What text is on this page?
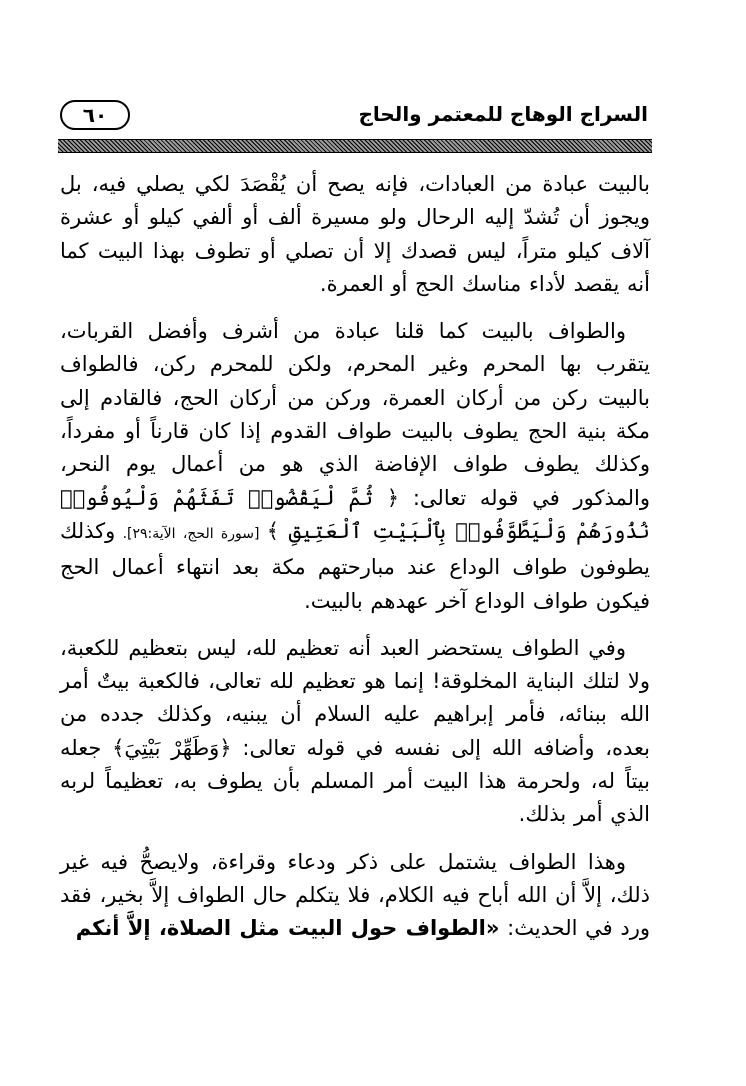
٦٠	السراج الوهاج للمعتمر والحاج

بالبيت عبادة من العبادات، فإنه يصح أن يُقْصَدَ لكي يصلي فيه، بل ويجوز أن تُشدّ إليه الرحال ولو مسيرة ألف أو ألفي كيلو أو عشرة آلاف كيلو متراً، ليس قصدك إلا أن تصلي أو تطوف بهذا البيت كما أنه يقصد لأداء مناسك الحج أو العمرة.

والطواف بالبيت كما قلنا عبادة من أشرف وأفضل القربات، يتقرب بها المحرم وغير المحرم، ولكن للمحرم ركن، فالطواف بالبيت ركن من أركان العمرة، وركن من أركان الحج، فالقادم إلى مكة بنية الحج يطوف بالبيت طواف القدوم إذا كان قارناً أو مفرداً، وكذلك يطوف طواف الإفاضة الذي هو من أعمال يوم النحر، والمذكور في قوله تعالى: ﴿ ثُمَّ لْيَقْضُوا۟ تَفَثَهُمْ وَلْيُوفُوا۟ نُذُورَهُمْ وَلْيَطَّوَّفُوا۟ بِٱلْبَيْتِ ٱلْعَتِيقِ ﴾ [سورة الحج، الآية:٢٩]. وكذلك يطوفون طواف الوداع عند مبارحتهم مكة بعد انتهاء أعمال الحج فيكون طواف الوداع آخر عهدهم بالبيت.

وفي الطواف يستحضر العبد أنه تعظيم لله، ليس بتعظيم للكعبة، ولا لتلك البناية المخلوقة! إنما هو تعظيم لله تعالى، فالكعبة بيتٌ أمر الله ببنائه، فأمر إبراهيم عليه السلام أن يبنيه، وكذلك جدده من بعده، وأضافه الله إلى نفسه في قوله تعالى: ﴿وَطَهِّرْ بَيْتِيَ﴾ جعله بيتاً له، ولحرمة هذا البيت أمر المسلم بأن يطوف به، تعظيماً لربه الذي أمر بذلك.

وهذا الطواف يشتمل على ذكر ودعاء وقراءة، ولايصحُّ فيه غير ذلك، إلاَّ أن الله أباح فيه الكلام، فلا يتكلم حال الطواف إلاَّ بخير، فقد ورد في الحديث: «الطواف حول البيت مثل الصلاة، إلاَّ أنكم
